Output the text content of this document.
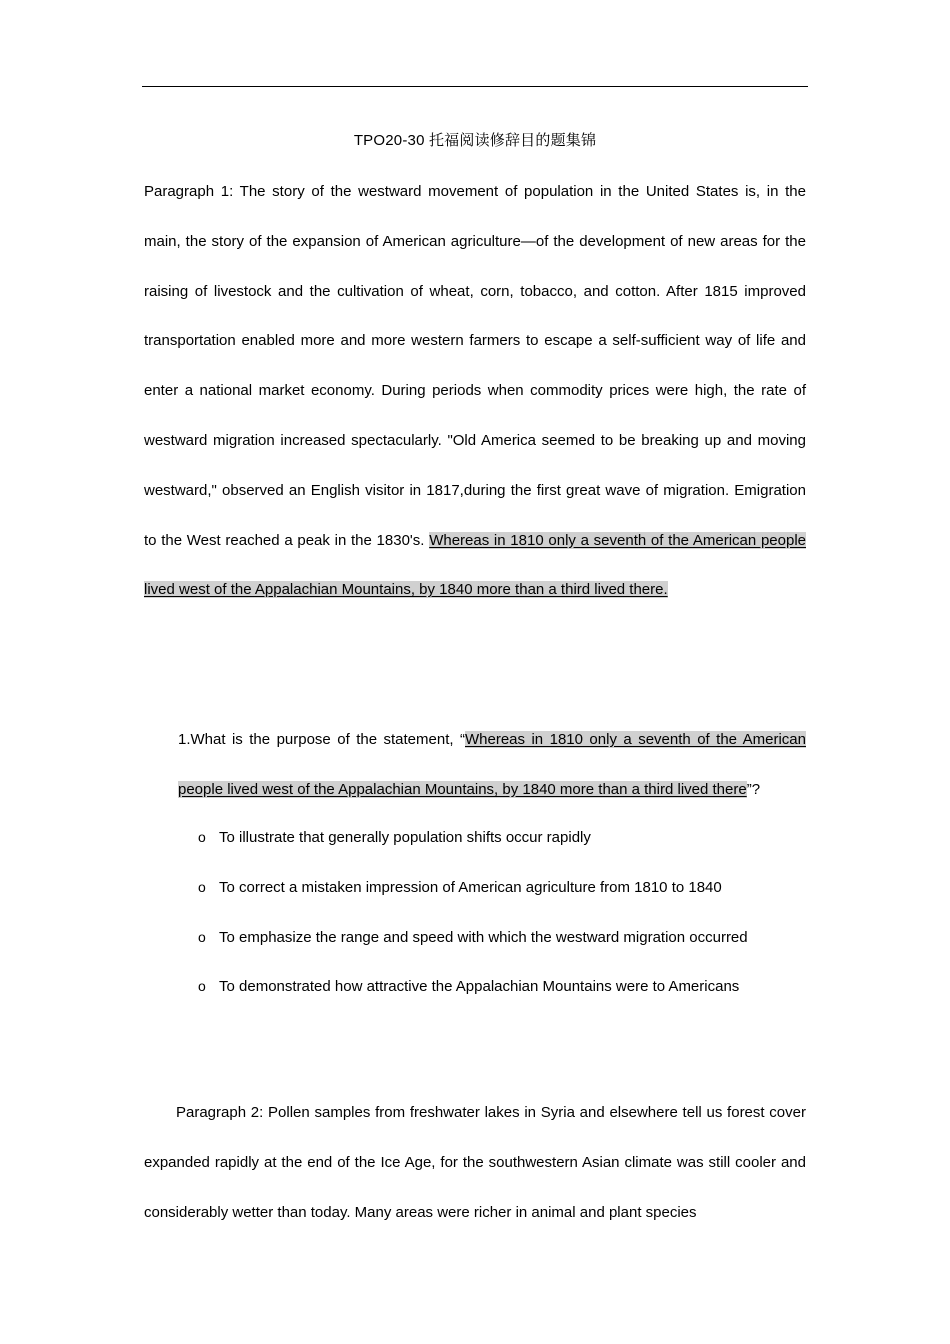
TPO20-30 托福阅读修辞目的题集锦

Paragraph 1: The story of the westward movement of population in the United States is, in the main, the story of the expansion of American agriculture—of the development of new areas for the raising of livestock and the cultivation of wheat, corn, tobacco, and cotton. After 1815 improved transportation enabled more and more western farmers to escape a self-sufficient way of life and enter a national market economy. During periods when commodity prices were high, the rate of westward migration increased spectacularly. "Old America seemed to be breaking up and moving westward," observed an English visitor in 1817,during the first great wave of migration. Emigration to the West reached a peak in the 1830's. Whereas in 1810 only a seventh of the American people lived west of the Appalachian Mountains, by 1840 more than a third lived there.

1.What is the purpose of the statement, “Whereas in 1810 only a seventh of the American people lived west of the Appalachian Mountains, by 1840 more than a third lived there”?

o To illustrate that generally population shifts occur rapidly
o To correct a mistaken impression of American agriculture from 1810 to 1840
o To emphasize the range and speed with which the westward migration occurred
o To demonstrated how attractive the Appalachian Mountains were to Americans

Paragraph 2: Pollen samples from freshwater lakes in Syria and elsewhere tell us forest cover expanded rapidly at the end of the Ice Age, for the southwestern Asian climate was still cooler and considerably wetter than today. Many areas were richer in animal and plant species
